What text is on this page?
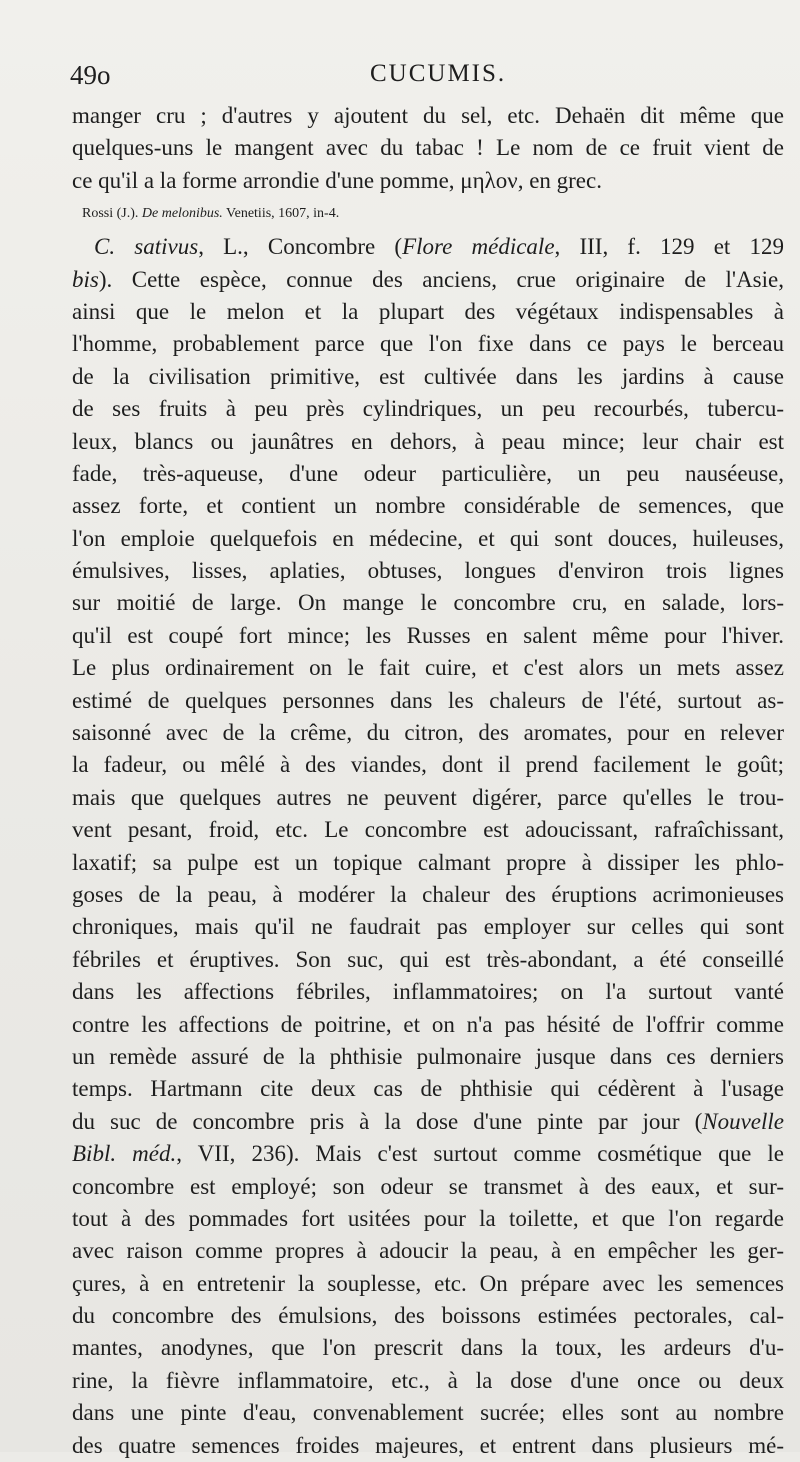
49o	CUCUMIS.
manger cru ; d'autres y ajoutent du sel, etc. Dehaën dit même que
quelques-uns le mangent avec du tabac ! Le nom de ce fruit vient de
ce qu'il a la forme arrondie d'une pomme, μηλον, en grec.
Rossi (J.). De melonibus. Venetiis, 1607, in-4.
C. sativus, L., Concombre (Flore médicale, III, f. 129 et 129
bis). Cette espèce, connue des anciens, crue originaire de l'Asie,
ainsi que le melon et la plupart des végétaux indispensables à
l'homme, probablement parce que l'on fixe dans ce pays le berceau
de la civilisation primitive, est cultivée dans les jardins à cause
de ses fruits à peu près cylindriques, un peu recourbés, tubercu-
leux, blancs ou jaunâtres en dehors, à peau mince; leur chair est
fade, très-aqueuse, d'une odeur particulière, un peu nauséeuse,
assez forte, et contient un nombre considérable de semences, que
l'on emploie quelquefois en médecine, et qui sont douces, huileuses,
émulsives, lisses, aplaties, obtuses, longues d'environ trois lignes
sur moitié de large. On mange le concombre cru, en salade, lors-
qu'il est coupé fort mince; les Russes en salent même pour l'hiver.
Le plus ordinairement on le fait cuire, et c'est alors un mets assez
estimé de quelques personnes dans les chaleurs de l'été, surtout as-
saisonné avec de la crême, du citron, des aromates, pour en relever
la fadeur, ou mêlé à des viandes, dont il prend facilement le goût;
mais que quelques autres ne peuvent digérer, parce qu'elles le trou-
vent pesant, froid, etc. Le concombre est adoucissant, rafraîchissant,
laxatif; sa pulpe est un topique calmant propre à dissiper les phlo-
goses de la peau, à modérer la chaleur des éruptions acrimonieuses
chroniques, mais qu'il ne faudrait pas employer sur celles qui sont
fébriles et éruptives. Son suc, qui est très-abondant, a été conseillé
dans les affections fébriles, inflammatoires; on l'a surtout vanté
contre les affections de poitrine, et on n'a pas hésité de l'offrir comme
un remède assuré de la phthisie pulmonaire jusque dans ces derniers
temps. Hartmann cite deux cas de phthisie qui cédèrent à l'usage
du suc de concombre pris à la dose d'une pinte par jour (Nouvelle
Bibl. méd., VII, 236). Mais c'est surtout comme cosmétique que le
concombre est employé; son odeur se transmet à des eaux, et sur-
tout à des pommades fort usitées pour la toilette, et que l'on regarde
avec raison comme propres à adoucir la peau, à en empêcher les ger-
çures, à en entretenir la souplesse, etc. On prépare avec les semences
du concombre des émulsions, des boissons estimées pectorales, cal-
mantes, anodynes, que l'on prescrit dans la toux, les ardeurs d'u-
rine, la fièvre inflammatoire, etc., à la dose d'une once ou deux
dans une pinte d'eau, convenablement sucrée; elles sont au nombre
des quatre semences froides majeures, et entrent dans plusieurs mé-
